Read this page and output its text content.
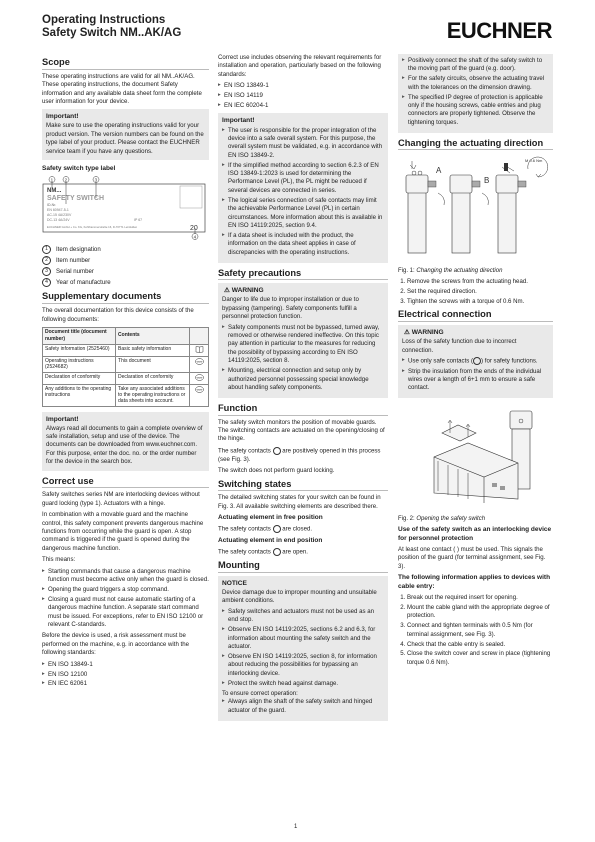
Operating Instructions
Safety Switch NM..AK/AG	EUCHNER
Scope

These operating instructions are valid for all NM..AK/AG. These operating instructions, the document Safety information and any available data sheet form the complete user information for your device.

Important!
Make sure to use the operating instructions valid for your product version. The version numbers can be found on the type label of your product. Please contact the EUCHNER service team if you have any questions.
Safety switch type label
NM...
SAFETY SWITCH
ID-Nr.
EN 60947-5-1
AC-15 4A/230V
DC-13 4A/24V	IP 67
EUCHNER GmbH + Co. KG, Kohlhammerstraße 16, D-70771 Leinfelden	20
1	2	3
4
1	Item designation
2	Item number
3	Serial number
4	Year of manufacture
Supplementary documents

The overall documentation for this device consists of the following documents:

Document title (document number)	Contents	
Safety information (2525460)	Basic safety information	
Operating instructions (2524682)	This document	www

Declaration of conformity	Declaration of conformity	www

Any additions to the operating instructions	Take any associated additions to the operating instructions or data sheets into account.	www
Important!
Always read all documents to gain a complete overview of safe installation, setup and use of the device. The documents can be downloaded from www.euchner.com. For this purpose, enter the doc. no. or the order number for the device in the search box.
Correct use

Safety switches series NM are interlocking devices without guard locking (type 1). Actuators with a hinge.

In combination with a movable guard and the machine control, this safety component prevents dangerous machine functions from occurring while the guard is open. A stop command is triggered if the guard is opened during the dangerous machine function.

This means:

▸ Starting commands that cause a dangerous machine function must become active only when the guard is closed.
▸ Opening the guard triggers a stop command.
▸ Closing a guard must not cause automatic starting of a dangerous machine function. A separate start command must be issued. For exceptions, refer to EN ISO 12100 or relevant C-standards.

Before the device is used, a risk assessment must be performed on the machine, e.g. in accordance with the following standards:

▸ EN ISO 13849-1
▸ EN ISO 12100
▸ EN IEC 62061

Correct use includes observing the relevant requirements for installation and operation, particularly based on the following standards:

▸ EN ISO 13849-1
▸ EN ISO 14119
▸ EN IEC 60204-1
Important!
▸ The user is responsible for the proper integration of the device into a safe overall system. For this purpose, the overall system must be validated, e.g. in accordance with EN ISO 13849-2.
▸ If the simplified method according to section 6.2.3 of EN ISO 13849-1:2023 is used for determining the Performance Level (PL), the PL might be reduced if several devices are connected in series.
▸ The logical series connection of safe contacts may limit the achievable Performance Level (PL) in certain circumstances. More information about this is available in EN ISO 14119:2025, section 9.4.
▸ If a data sheet is included with the product, the information on the data sheet applies in case of discrepancies with the operating instructions.
Safety precautions
⚠ WARNING
Danger to life due to improper installation or due to bypassing (tampering). Safety components fulfill a personnel protection function.
▸ Safety components must not be bypassed, turned away, removed or otherwise rendered ineffective. On this topic pay attention in particular to the measures for reducing the possibility of bypassing according to EN ISO 14119:2025, section 8.
▸ Mounting, electrical connection and setup only by authorized personnel possessing special knowledge about handling safety components.
Function

The safety switch monitors the position of movable guards. The switching contacts are actuated on the opening/closing of the hinge.

The safety contacts  are positively opened in this process (see Fig. 3).

The switch does not perform guard locking.

Switching states

The detailed switching states for your switch can be found in Fig. 3. All available switching elements are described there.

Actuating element in free position

The safety contacts  are closed.

Actuating element in end position

The safety contacts  are open.

Mounting
NOTICE
Device damage due to improper mounting and unsuitable ambient conditions.
▸ Safety switches and actuators must not be used as an end stop.
▸ Observe EN ISO 14119:2025, sections 6.2 and 6.3, for information about mounting the safety switch and the actuator.
▸ Observe EN ISO 14119:2025, section 8, for information about reducing the possibilities for bypassing an interlocking device.
▸ Protect the switch head against damage.
To ensure correct operation:
▸ Always align the shaft of the safety switch and hinged actuator of the guard.
▸ Positively connect the shaft of the safety switch to the moving part of the guard (e.g. door).
▸ For the safety circuits, observe the actuating travel with the tolerances on the dimension drawing.
▸ The specified IP degree of protection is applicable only if the housing screws, cable entries and plug connectors are properly tightened. Observe the tightening torques.
Changing the actuating direction
A
B
M 0.6 Nm
Fig. 1: Changing the actuating direction
1. Remove the screws from the actuating head.
2. Set the required direction.
3. Tighten the screws with a torque of 0.6 Nm.
Electrical connection
⚠ WARNING
Loss of the safety function due to incorrect connection.
▸ Use only safe contacts ( ) for safety functions.
▸ Strip the insulation from the ends of the individual wires over a length of 6+1 mm to ensure a safe contact.
Fig. 2: Opening the safety switch
Use of the safety switch as an interlocking device for personnel protection

At least one contact ( ) must be used. This signals the position of the guard (for terminal assignment, see Fig. 3).

The following information applies to devices with cable entry:
1. Break out the required insert for opening.
2. Mount the cable gland with the appropriate degree of protection.
3. Connect and tighten terminals with 0.5 Nm (for terminal assignment, see Fig. 3).
4. Check that the cable entry is sealed.
5. Close the switch cover and screw in place (tightening torque 0.6 Nm).
1
